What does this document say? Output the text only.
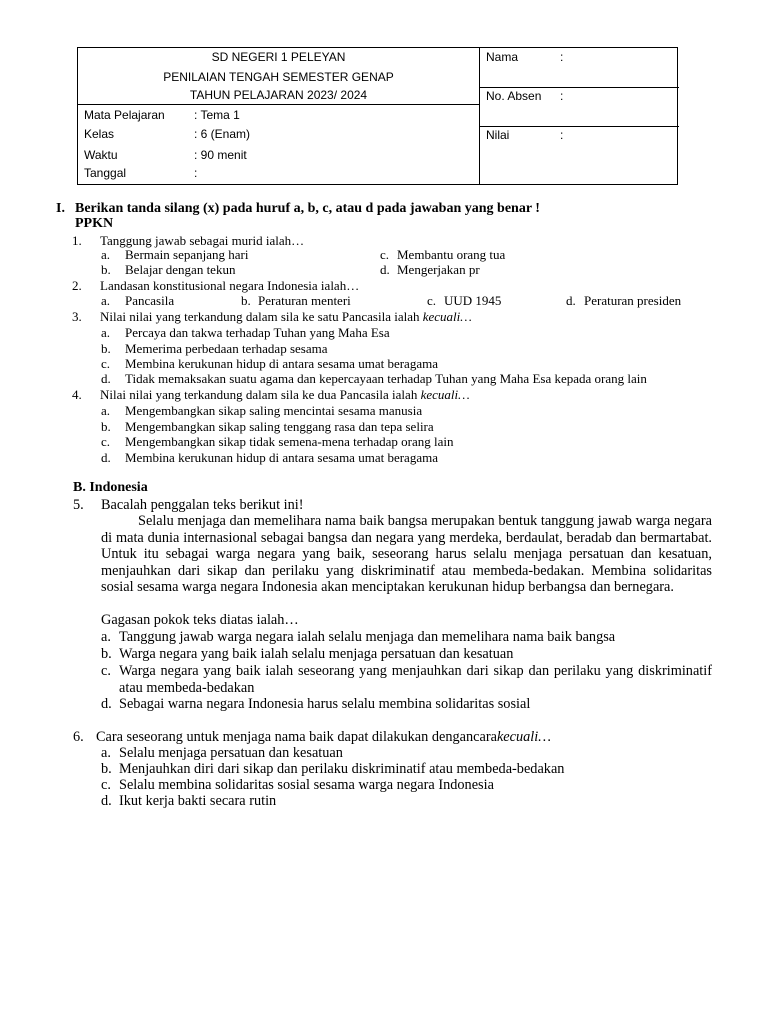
SD NEGERI 1 PELEYAN
PENILAIAN TENGAH SEMESTER GENAP
TAHUN PELAJARAN 2023/ 2024
Mata Pelajaran : Tema 1
Kelas	: 6 (Enam)
Waktu	: 90 menit
Tanggal	:
Nama	:
No. Absen :
Nilai	:
I. Berikan tanda silang (x) pada huruf a, b, c, atau d pada jawaban yang benar !
PPKN
1. Tanggung jawab sebagai murid ialah…
a. Bermain sepanjang hari	c. Membantu orang tua
b. Belajar dengan tekun	d. Mengerjakan pr
2. Landasan konstitusional negara Indonesia ialah…
a. Pancasila	b. Peraturan menteri	c. UUD 1945	d. Peraturan presiden
3. Nilai nilai yang terkandung dalam sila ke satu Pancasila ialah kecuali…
a. Percaya dan takwa terhadap Tuhan yang Maha Esa
b. Memerima perbedaan terhadap sesama
c. Membina kerukunan hidup di antara sesama umat beragama
d. Tidak memaksakan suatu agama dan kepercayaan terhadap Tuhan yang Maha Esa kepada orang lain
4. Nilai nilai yang terkandung dalam sila ke dua Pancasila ialah kecuali…
a. Mengembangkan sikap saling mencintai sesama manusia
b. Mengembangkan sikap saling tenggang rasa dan tepa selira
c. Mengembangkan sikap tidak semena-mena terhadap orang lain
d. Membina kerukunan hidup di antara sesama umat beragama
B. Indonesia
5. Bacalah penggalan teks berikut ini!
Selalu menjaga dan memelihara nama baik bangsa merupakan bentuk tanggung jawab warga negara di mata dunia internasional sebagai bangsa dan negara yang merdeka, berdaulat, beradab dan bermartabat. Untuk itu sebagai warga negara yang baik, seseorang harus selalu menjaga persatuan dan kesatuan, menjauhkan dari sikap dan perilaku yang diskriminatif atau membeda-bedakan. Membina solidaritas sosial sesama warga negara Indonesia akan menciptakan kerukunan hidup berbangsa dan bernegara.
Gagasan pokok teks diatas ialah…
a. Tanggung jawab warga negara ialah selalu menjaga dan memelihara nama baik bangsa
b. Warga negara yang baik ialah selalu menjaga persatuan dan kesatuan
c. Warga negara yang baik ialah seseorang yang menjauhkan dari sikap dan perilaku yang diskriminatif atau membeda-bedakan
d. Sebagai warna negara Indonesia harus selalu membina solidaritas sosial
6. Cara seseorang untuk menjaga nama baik dapat dilakukan dengancarakecuali…
a. Selalu menjaga persatuan dan kesatuan
b. Menjauhkan diri dari sikap dan perilaku diskriminatif atau membeda-bedakan
c. Selalu membina solidaritas sosial sesama warga negara Indonesia
d. Ikut kerja bakti secara rutin
